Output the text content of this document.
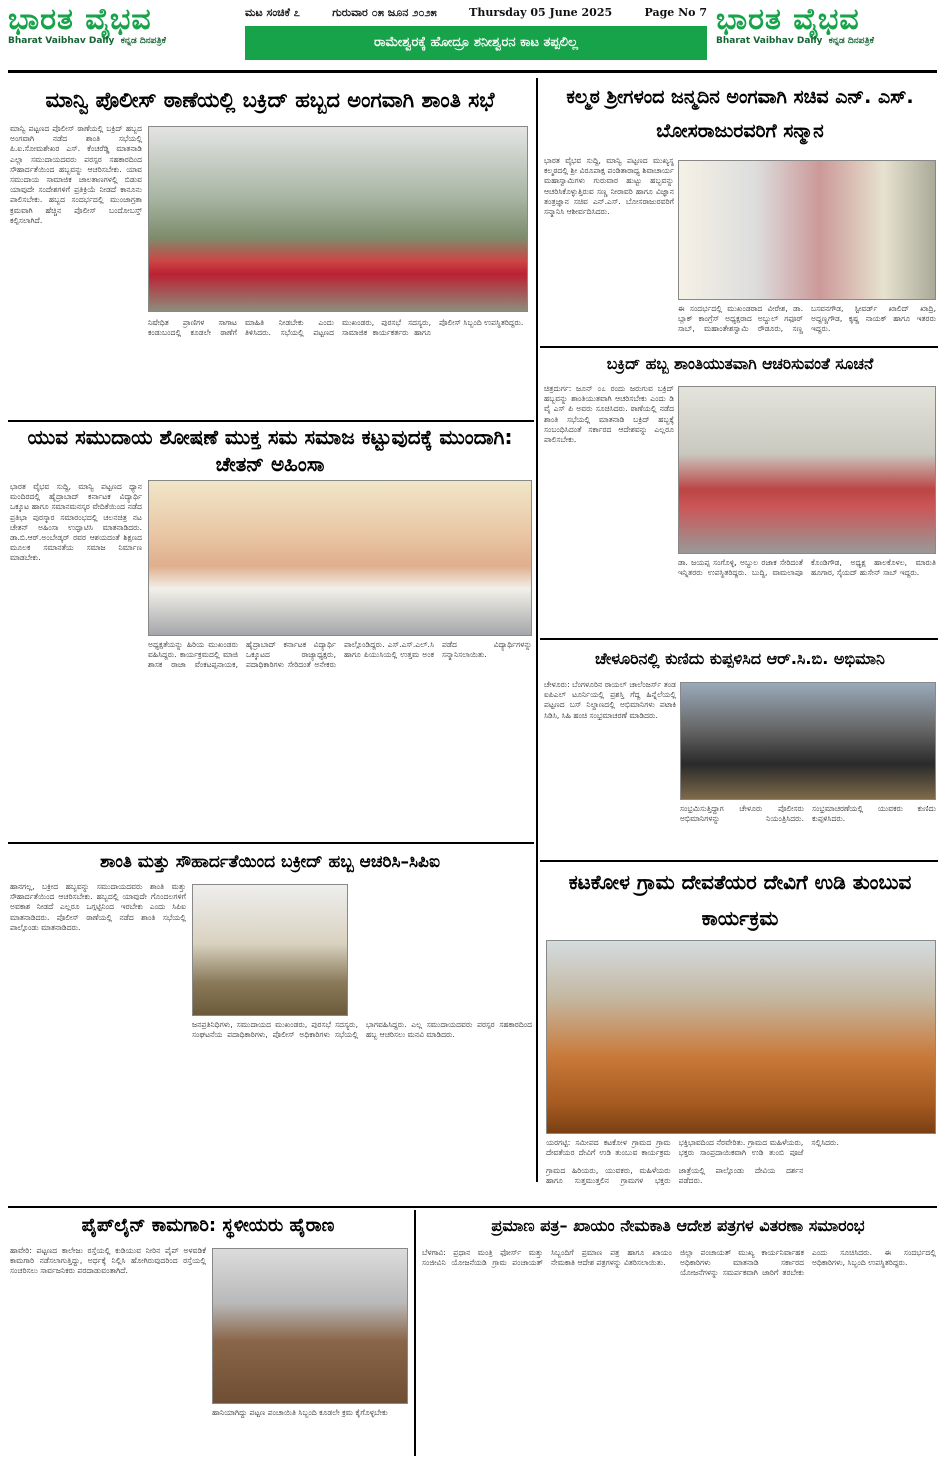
ಭಾರತ ವೈಭವ
Bharat Vaibhav Daily ಕನ್ನಡ ದಿನಪತ್ರಿಕೆ
ಮಟ ಸಂಚಿಕೆ ೭	ಗುರುವಾರ ೦೫ ಜೂನ ೨೦೨೫	Thursday 05 June 2025	Page No 7
ರಾಮೇಶ್ವರಕ್ಕೆ ಹೋದ್ರೂ ಶನೀಶ್ವರನ ಕಾಟ ತಪ್ಪಲಿಲ್ಲ
ಭಾರತ ವೈಭವ
Bharat Vaibhav Daily ಕನ್ನಡ ದಿನಪತ್ರಿಕೆ
ಮಾನ್ವಿ ಪೊಲೀಸ್ ಠಾಣೆಯಲ್ಲಿ ಬಕ್ರಿದ್ ಹಬ್ಬದ ಅಂಗವಾಗಿ ಶಾಂತಿ ಸಭೆ
ಮಾನ್ವಿ ಪಟ್ಟಣದ ಪೊಲೀಸ್ ಠಾಣೆಯಲ್ಲಿ ಬಕ್ರಿದ್ ಹಬ್ಬದ ಅಂಗವಾಗಿ ನಡೆದ ಶಾಂತಿ ಸಭೆಯಲ್ಲಿ ಪಿ.ಐ.ಸೋಮಶೇಖರ ಎಸ್. ಕೆಂಚರೆಡ್ಡಿ ಮಾತನಾಡಿ ಎಲ್ಲಾ ಸಮುದಾಯದವರು ಪರಸ್ಪರ ಸಹಕಾರದಿಂದ ಸೌಹಾರ್ದತೆಯಿಂದ ಹಬ್ಬವನ್ನು ಆಚರಿಸಬೇಕು. ಯಾವ ಸಮುದಾಯ ಸಾಮಾಜಿಕ ಜಾಲತಾಣಗಳಲ್ಲಿ ಬಿಡುವ ಯಾವುದೇ ಸಂದೇಶಗಳಿಗೆ ಪ್ರತಿಕ್ರಿಯೆ ನೀಡದೆ ಕಾನೂನು ಪಾಲಿಸಬೇಕು. ಹಬ್ಬದ ಸಂದರ್ಭದಲ್ಲಿ ಮುಂಜಾಗ್ರತಾ ಕ್ರಮವಾಗಿ ಹೆಚ್ಚಿನ ಪೊಲೀಸ್ ಬಂದೋಬಸ್ತ್ ಕಲ್ಪಿಸಲಾಗಿದೆ.
ನಿಷೇಧಿತ ಪ್ರಾಣಿಗಳ ಸಾಗಾಟ ಕಂಡುಬಂದಲ್ಲಿ ಕೂಡಲೇ ಠಾಣೆಗೆ ಮಾಹಿತಿ ನೀಡಬೇಕು ಎಂದು ತಿಳಿಸಿದರು. ಸಭೆಯಲ್ಲಿ ಪಟ್ಟಣದ ಮುಖಂಡರು, ಪುರಸಭೆ ಸದಸ್ಯರು, ಸಾಮಾಜಿಕ ಕಾರ್ಯಕರ್ತರು ಹಾಗೂ ಪೊಲೀಸ್ ಸಿಬ್ಬಂದಿ ಉಪಸ್ಥಿತರಿದ್ದರು.
ಕಲ್ಮಠ ಶ್ರೀಗಳಂದ ಜನ್ಮದಿನ ಅಂಗವಾಗಿ ಸಚಿವ ಎನ್. ಎಸ್. ಬೋಸರಾಜುರವರಿಗೆ ಸನ್ಮಾನ
ಭಾರತ ವೈಭವ ಸುದ್ದಿ, ಮಾನ್ವಿ ಪಟ್ಟಣದ ಮುಖ್ಯಸ್ಥ ಕಲ್ಮಠದಲ್ಲಿ ಶ್ರೀ ವಿರೂಪಾಕ್ಷ ಪಂಡಿತಾರಾಧ್ಯ ಶಿವಾಚಾರ್ಯ ಮಹಾಸ್ವಾಮಿಗಳು ಗುರುವಾರ ಹುಟ್ಟು ಹಬ್ಬವನ್ನು ಆಚರಿಸಿಕೊಳ್ಳುತ್ತಿರುವ ಸಣ್ಣ ನೀರಾವರಿ ಹಾಗೂ ವಿಜ್ಞಾನ ತಂತ್ರಜ್ಞಾನ ಸಚಿವ ಎನ್.ಎಸ್. ಬೋಸರಾಜುರವರಿಗೆ ಸನ್ಮಾನಿಸಿ ಆಶೀರ್ವದಿಸಿದರು.
ಈ ಸಂದರ್ಭದಲ್ಲಿ ಮುಖಂಡರಾದ ವೀರೇಶ, ಡಾ. ಬ್ಲಾಕ್ ಕಾಂಗ್ರೆಸ್ ಅಧ್ಯಕ್ಷರಾದ ಅಬ್ದುಲ್ ಗಫೂರ್ ಸಾಬ್, ಮಹಾಂತೇಶಸ್ವಾಮಿ ರೌಡೂರು, ಸಣ್ಣ ಬಸವನಗೌಡ, ಸ್ಟೀವರ್ಡ್ ಖಾಲಿದ್ ಖಾದ್ರಿ, ಅದ್ದಣ್ಣಗೌಡ, ಕೃಷ್ಣ ನಾಯಕ್ ಹಾಗೂ ಇತರರು ಇದ್ದರು.
ಬಕ್ರಿದ್ ಹಬ್ಬ ಶಾಂತಿಯುತವಾಗಿ ಆಚರಿಸುವಂತೆ ಸೂಚನೆ
ಚಿತ್ರದುರ್ಗ: ಜೂನ್ ೦೭ ರಂದು ಜರುಗುವ ಬಕ್ರಿದ್ ಹಬ್ಬವನ್ನು ಶಾಂತಿಯುತವಾಗಿ ಆಚರಿಸಬೇಕು ಎಂದು ಡಿ ವೈ ಎಸ್ ಪಿ ಅವರು ಸೂಚಿಸಿದರು. ಠಾಣೆಯಲ್ಲಿ ನಡೆದ ಶಾಂತಿ ಸಭೆಯಲ್ಲಿ ಮಾತನಾಡಿ ಬಕ್ರಿದ್ ಹಬ್ಬಕ್ಕೆ ಸಂಬಂಧಿಸಿದಂತೆ ಸರ್ಕಾರದ ಆದೇಶವನ್ನು ಎಲ್ಲರೂ ಪಾಲಿಸಬೇಕು.
ಡಾ. ಜಯಪ್ಪ ಸಂಗೊಳ್ಳಿ, ಅಬ್ದುಲ ರಜಾಕ ಸೇರಿದಂತೆ ಇನ್ನಿತರರು ಉಪಸ್ಥಿತರಿದ್ದರು. ಬುದ್ಧಿ, ವಾಮಲಾಪೂ ಕೊಂಡಿಗೌಡ, ಅಧ್ಯಕ್ಷ ಹಾಲಕೊಳಲ, ಮಾರುತಿ ಹೂಗಾರ, ಸೈಯದ್ ಹುಸೇನ್ ಸಾಬ್ ಇದ್ದರು.
ಯುವ ಸಮುದಾಯ ಶೋಷಣೆ ಮುಕ್ತ ಸಮ ಸಮಾಜ ಕಟ್ಟುವುದಕ್ಕೆ ಮುಂದಾಗಿ: ಚೇತನ್ ಅಹಿಂಸಾ
ಭಾರತ ವೈಭವ ಸುದ್ದಿ, ಮಾನ್ವಿ ಪಟ್ಟಣದ ಧ್ಯಾನ ಮಂದಿರದಲ್ಲಿ ಹೈದ್ರಾಬಾದ್ ಕರ್ನಾಟಕ ವಿದ್ಯಾರ್ಥಿ ಒಕ್ಕೂಟ ಹಾಗೂ ಸಮಾನಮನಸ್ಕರ ವೇದಿಕೆಯಿಂದ ನಡೆದ ಪ್ರತಿಭಾ ಪುರಸ್ಕಾರ ಸಮಾರಂಭದಲ್ಲಿ ಚಲನಚಿತ್ರ ನಟ ಚೇತನ್ ಅಹಿಂಸಾ ಉದ್ಘಾಟಿಸಿ ಮಾತನಾಡಿದರು. ಡಾ.ಬಿ.ಆರ್.ಅಂಬೇಡ್ಕರ್ ರವರ ಆಶಯದಂತೆ ಶಿಕ್ಷಣದ ಮೂಲಕ ಸಮಾನತೆಯ ಸಮಾಜ ನಿರ್ಮಾಣ ಮಾಡಬೇಕು.
ಅಧ್ಯಕ್ಷತೆಯನ್ನು ಹಿರಿಯ ಮುಖಂಡರು ವಹಿಸಿದ್ದರು. ಕಾರ್ಯಕ್ರಮದಲ್ಲಿ ಮಾಜಿ ಶಾಸಕ ರಾಜಾ ವೆಂಕಟಪ್ಪನಾಯಕ, ಹೈದ್ರಾಬಾದ್ ಕರ್ನಾಟಕ ವಿದ್ಯಾರ್ಥಿ ಒಕ್ಕೂಟದ ರಾಜ್ಯಾಧ್ಯಕ್ಷರು, ಪದಾಧಿಕಾರಿಗಳು ಸೇರಿದಂತೆ ಅನೇಕರು ಪಾಲ್ಗೊಂಡಿದ್ದರು. ಎಸ್.ಎಸ್.ಎಲ್.ಸಿ ಹಾಗೂ ಪಿಯುಸಿಯಲ್ಲಿ ಉತ್ತಮ ಅಂಕ ಪಡೆದ ವಿದ್ಯಾರ್ಥಿಗಳನ್ನು ಸನ್ಮಾನಿಸಲಾಯಿತು.	ಚೇಳೂರಿನಲ್ಲಿ ಕುಣಿದು ಕುಪ್ಪಳಿಸಿದ ಆರ್.ಸಿ.ಬಿ. ಅಭಿಮಾನಿ
ಚೇಳೂರು: ಬೆಂಗಳೂರಿನ ರಾಯಲ್ ಚಾಲೆಂಜರ್ಸ್ ತಂಡ ಐಪಿಎಲ್ ಟೂರ್ನಿಯಲ್ಲಿ ಪ್ರಶಸ್ತಿ ಗೆದ್ದ ಹಿನ್ನೆಲೆಯಲ್ಲಿ ಪಟ್ಟಣದ ಬಸ್ ನಿಲ್ದಾಣದಲ್ಲಿ ಅಭಿಮಾನಿಗಳು ಪಟಾಕಿ ಸಿಡಿಸಿ, ಸಿಹಿ ಹಂಚಿ ಸಂಭ್ರಮಾಚರಣೆ ಮಾಡಿದರು.
ಸಂಭ್ರಮಿಸುತ್ತಿದ್ದಾಗ ಚೇಳೂರು ಪೊಲೀಸರು ಅಭಿಮಾನಿಗಳನ್ನು ನಿಯಂತ್ರಿಸಿದರು. ಸಂಭ್ರಮಾಚರಣೆಯಲ್ಲಿ ಯುವಕರು ಕುಣಿದು ಕುಪ್ಪಳಿಸಿದರು.
ಶಾಂತಿ ಮತ್ತು ಸೌಹಾರ್ದತೆಯಿಂದ ಬಕ್ರೀದ್ ಹಬ್ಬ ಆಚರಿಸಿ–ಸಿಪಿಐ
ಹಾನಗಲ್ಲ, ಬಕ್ರೀದ ಹಬ್ಬವನ್ನು ಸಮುದಾಯದವರು ಶಾಂತಿ ಮತ್ತು ಸೌಹಾರ್ದತೆಯಿಂದ ಆಚರಿಸಬೇಕು. ಹಬ್ಬದಲ್ಲಿ ಯಾವುದೇ ಗೊಂದಲಗಳಿಗೆ ಅವಕಾಶ ನೀಡದೆ ಎಲ್ಲರೂ ಒಗ್ಗಟ್ಟಿನಿಂದ ಇರಬೇಕು ಎಂದು ಸಿಪಿಐ ಮಾತನಾಡಿದರು. ಪೊಲೀಸ್ ಠಾಣೆಯಲ್ಲಿ ನಡೆದ ಶಾಂತಿ ಸಭೆಯಲ್ಲಿ ಪಾಲ್ಗೊಂಡು ಮಾತನಾಡಿದರು.
ಜನಪ್ರತಿನಿಧಿಗಳು, ಸಮುದಾಯದ ಮುಖಂಡರು, ಪುರಸಭೆ ಸದಸ್ಯರು, ಸಂಘಟನೆಯ ಪದಾಧಿಕಾರಿಗಳು, ಪೊಲೀಸ್ ಅಧಿಕಾರಿಗಳು ಸಭೆಯಲ್ಲಿ ಭಾಗವಹಿಸಿದ್ದರು. ಎಲ್ಲ ಸಮುದಾಯದವರು ಪರಸ್ಪರ ಸಹಕಾರದಿಂದ ಹಬ್ಬ ಆಚರಿಸಲು ಮನವಿ ಮಾಡಿದರು.
ಕಟಕೋಳ ಗ್ರಾಮ ದೇವತೆಯರ ದೇವಿಗೆ ಉಡಿ ತುಂಬುವ ಕಾರ್ಯಕ್ರಮ
ಯರಗಟ್ಟಿ: ಸಮೀಪದ ಕಟಕೋಳ ಗ್ರಾಮದ ಗ್ರಾಮ ದೇವತೆಯರ ದೇವಿಗೆ ಉಡಿ ತುಂಬುವ ಕಾರ್ಯಕ್ರಮ ಭಕ್ತಿಭಾವದಿಂದ ನೆರವೇರಿತು. ಗ್ರಾಮದ ಮಹಿಳೆಯರು, ಭಕ್ತರು ಸಾಂಪ್ರದಾಯಿಕವಾಗಿ ಉಡಿ ತುಂಬಿ ಪೂಜೆ ಸಲ್ಲಿಸಿದರು.
ಗ್ರಾಮದ ಹಿರಿಯರು, ಯುವಕರು, ಮಹಿಳೆಯರು ಹಾಗೂ ಸುತ್ತಮುತ್ತಲಿನ ಗ್ರಾಮಗಳ ಭಕ್ತರು ಜಾತ್ರೆಯಲ್ಲಿ ಪಾಲ್ಗೊಂಡು ದೇವಿಯ ದರ್ಶನ ಪಡೆದರು.
ಪೈಪ್‌ಲೈನ್ ಕಾಮಗಾರಿ: ಸ್ಥಳೀಯರು ಹೈರಾಣ
ಹಾವೇರಿ: ಪಟ್ಟಣದ ಕಾಲೇಜು ರಸ್ತೆಯಲ್ಲಿ ಕುಡಿಯುವ ನೀರಿನ ಪೈಪ್ ಅಳವಡಿಕೆ ಕಾಮಗಾರಿ ನಡೆಸಲಾಗುತ್ತಿದ್ದು, ಅರ್ಧಕ್ಕೆ ನಿಲ್ಲಿಸಿ ಹೋಗಿರುವುದರಿಂದ ರಸ್ತೆಯಲ್ಲಿ ಸಂಚರಿಸಲು ಸಾರ್ವಜನಿಕರು ಪರದಾಡುವಂತಾಗಿದೆ.
ಹಾನಿಯಾಗಿದ್ದು ಪಟ್ಟಣ ಪಂಚಾಯಿತಿ ಸಿಬ್ಬಂದಿ ಕೂಡಲೇ ಕ್ರಮ ಕೈಗೊಳ್ಳಬೇಕು
ಪ್ರಮಾಣ ಪತ್ರ– ಖಾಯಂ ನೇಮಕಾತಿ ಆದೇಶ ಪತ್ರಗಳ ವಿತರಣಾ ಸಮಾರಂಭ
ಬೆಳಗಾವಿ: ಪ್ರಧಾನ ಮಂತ್ರಿ ಫೋರ್ಸ್ ಮತ್ತು ಸಂಜೀವಿನಿ ಯೋಜನೆಯಡಿ ಗ್ರಾಮ ಪಂಚಾಯತ್ ಸಿಬ್ಬಂದಿಗೆ ಪ್ರಮಾಣ ಪತ್ರ ಹಾಗೂ ಖಾಯಂ ನೇಮಕಾತಿ ಆದೇಶ ಪತ್ರಗಳನ್ನು ವಿತರಿಸಲಾಯಿತು.
ಜಿಲ್ಲಾ ಪಂಚಾಯತ್ ಮುಖ್ಯ ಕಾರ್ಯನಿರ್ವಾಹಕ ಅಧಿಕಾರಿಗಳು ಮಾತನಾಡಿ ಸರ್ಕಾರದ ಯೋಜನೆಗಳನ್ನು ಸಮರ್ಪಕವಾಗಿ ಜಾರಿಗೆ ತರಬೇಕು ಎಂದು ಸೂಚಿಸಿದರು. ಈ ಸಂದರ್ಭದಲ್ಲಿ ಅಧಿಕಾರಿಗಳು, ಸಿಬ್ಬಂದಿ ಉಪಸ್ಥಿತರಿದ್ದರು.
